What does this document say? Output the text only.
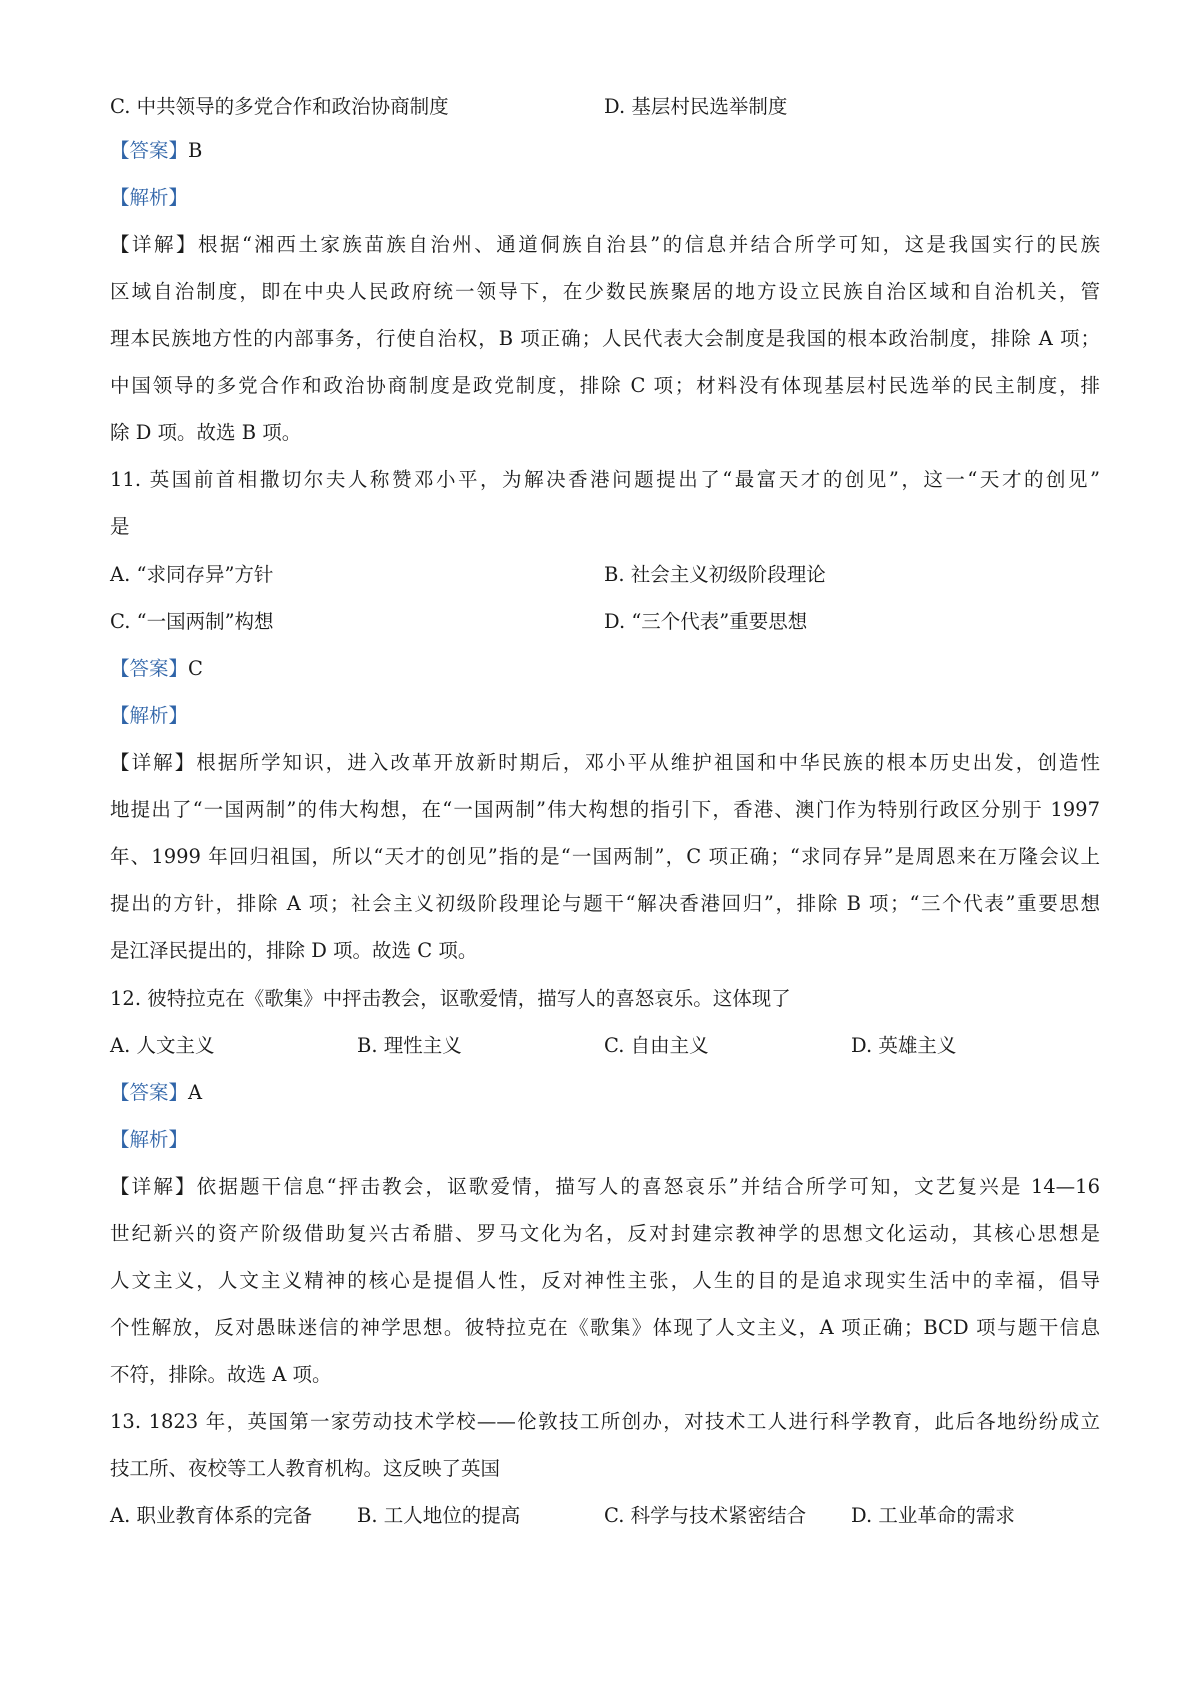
C. 中共领导的多党合作和政治协商制度	D. 基层村民选举制度
【答案】B
【解析】
【详解】根据“湘西土家族苗族自治州、通道侗族自治县”的信息并结合所学可知，这是我国实行的民族
区域自治制度，即在中央人民政府统一领导下，在少数民族聚居的地方设立民族自治区域和自治机关，管
理本民族地方性的内部事务，行使自治权，B 项正确；人民代表大会制度是我国的根本政治制度，排除 A 项；
中国领导的多党合作和政治协商制度是政党制度，排除 C 项；材料没有体现基层村民选举的民主制度，排
除 D 项。故选 B 项。
11. 英国前首相撒切尔夫人称赞邓小平，为解决香港问题提出了“最富天才的创见”，这一“天才的创见”
是
A. “求同存异”方针	B. 社会主义初级阶段理论
C. “一国两制”构想	D. “三个代表”重要思想
【答案】C
【解析】
【详解】根据所学知识，进入改革开放新时期后，邓小平从维护祖国和中华民族的根本历史出发，创造性
地提出了“一国两制”的伟大构想，在“一国两制”伟大构想的指引下，香港、澳门作为特别行政区分别于 1997
年、1999 年回归祖国，所以“天才的创见”指的是“一国两制”，C 项正确；“求同存异”是周恩来在万隆会议上
提出的方针，排除 A 项；社会主义初级阶段理论与题干“解决香港回归”，排除 B 项；“三个代表”重要思想
是江泽民提出的，排除 D 项。故选 C 项。
12. 彼特拉克在《歌集》中抨击教会，讴歌爱情，描写人的喜怒哀乐。这体现了
A. 人文主义	B. 理性主义	C. 自由主义	D. 英雄主义
【答案】A
【解析】
【详解】依据题干信息“抨击教会，讴歌爱情，描写人的喜怒哀乐”并结合所学可知，文艺复兴是 14—16
世纪新兴的资产阶级借助复兴古希腊、罗马文化为名，反对封建宗教神学的思想文化运动，其核心思想是
人文主义，人文主义精神的核心是提倡人性，反对神性主张，人生的目的是追求现实生活中的幸福，倡导
个性解放，反对愚昧迷信的神学思想。彼特拉克在《歌集》体现了人文主义，A 项正确；BCD 项与题干信息
不符，排除。故选 A 项。
13. 1823 年，英国第一家劳动技术学校——伦敦技工所创办，对技术工人进行科学教育，此后各地纷纷成立
技工所、夜校等工人教育机构。这反映了英国
A. 职业教育体系的完备 B. 工人地位的提高	C. 科学与技术紧密结合 D. 工业革命的需求
